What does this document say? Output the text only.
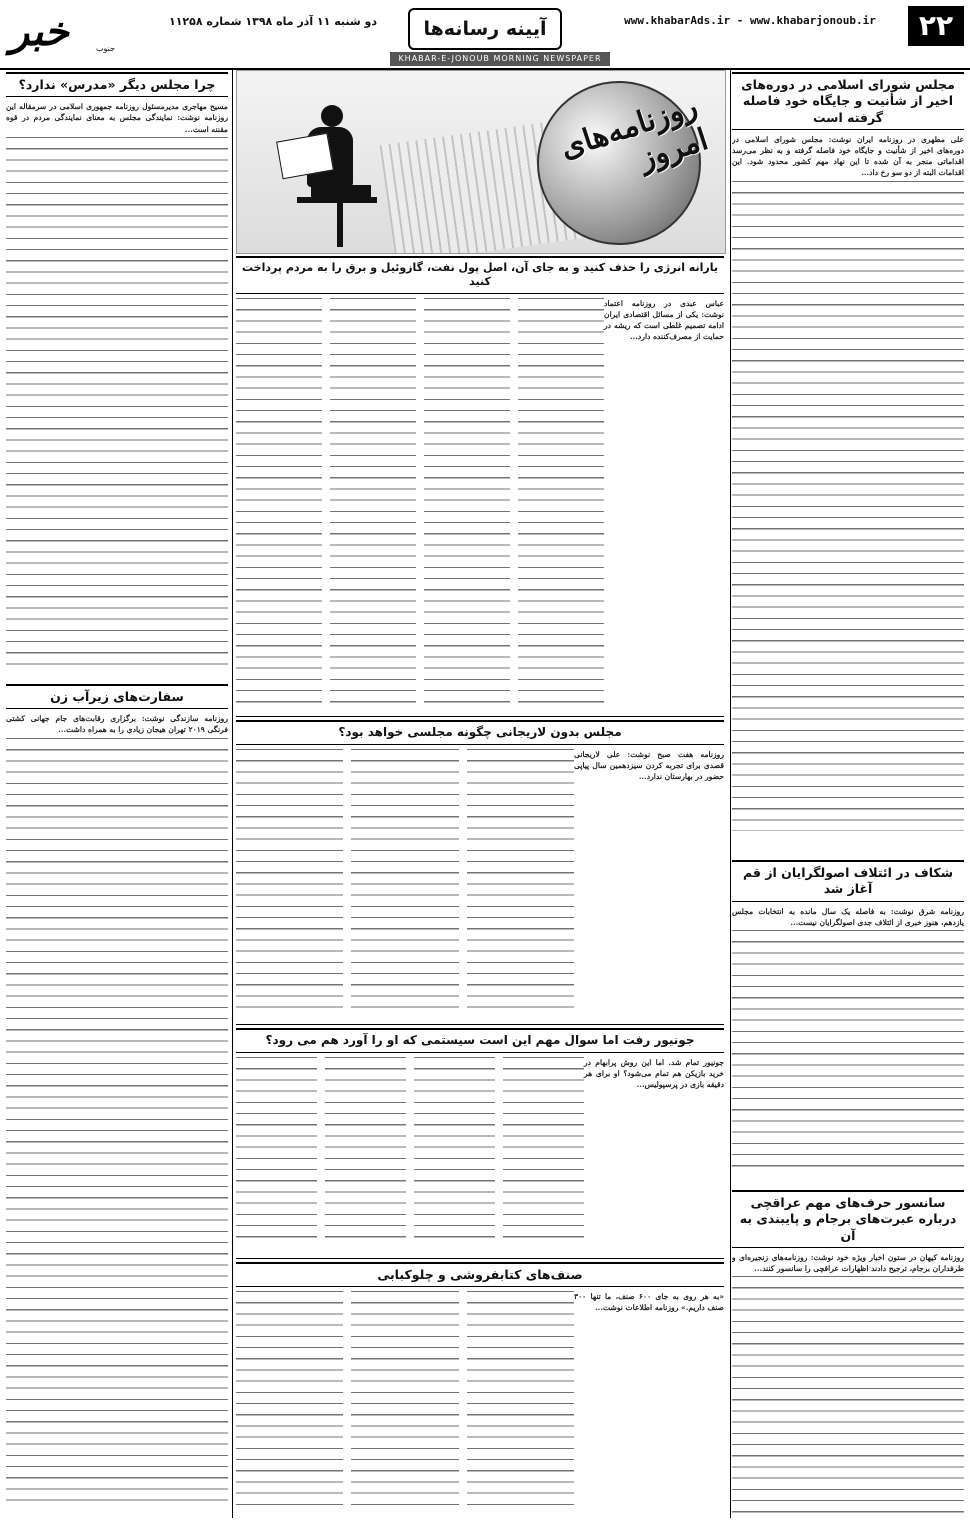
۲۲
www.khabarAds.ir - www.khabarjonoub.ir
آیینه رسانه‌ها
دو شنبه ۱۱ آذر ماه ۱۳۹۸ شماره ۱۱۲۵۸
خبر	جنوب
KHABAR-E-JONOUB MORNING NEWSPAPER
مجلس شورای اسلامی در دوره‌های اخیر از شأنیت و جایگاه خود فاصله گرفته است
علی مطهری در روزنامه ایران نوشت: مجلس شورای اسلامی در دوره‌های اخیر از شأنیت و جایگاه خود فاصله گرفته و به نظر می‌رسد اقداماتی منجر به آن شده تا این نهاد مهم کشور محدود شود. این اقدامات البته از دو سو رخ داد...
شکاف در ائتلاف اصولگرایان از قم آغاز شد
روزنامه شرق نوشت: به فاصله یک سال مانده به انتخابات مجلس یازدهم، هنوز خبری از ائتلاف جدی اصولگرایان نیست...
سانسور حرف‌های مهم عراقچی درباره عبرت‌های برجام و پایبندی به آن
روزنامه کیهان در ستون اخبار ویژه خود نوشت: روزنامه‌های زنجیره‌ای و طرفداران برجام، ترجیح دادند اظهارات عراقچی را سانسور کنند...
روزنامه‌های امروز
یارانه انرژی را حذف کنید و به جای آن، اصل پول نفت، گازوئیل و برق را به مردم پرداخت کنید
عباس عبدی در روزنامه اعتماد نوشت: یکی از مسائل اقتصادی ایران ادامه تصمیم غلطی است که ریشه در حمایت از مصرف‌کننده دارد...
مجلس بدون لاریجانی چگونه مجلسی خواهد بود؟
روزنامه هفت صبح نوشت: علی لاریجانی قصدی برای تجربه کردن سیزدهمین سال پیاپی حضور در بهارستان ندارد...
جونیور رفت اما سوال مهم این است سیستمی که او را آورد هم می رود؟
جونیور تمام شد. اما این روش پرابهام در خرید بازیکن هم تمام می‌شود؟ او برای هر دقیقه بازی در پرسپولیس...
صنف‌های کتابفروشی و چلوکبابی
«به هر روی به جای ۶۰۰ صنف، ما تنها ۳۰۰ صنف داریم.» روزنامه اطلاعات نوشت...
چرا مجلس دیگر «مدرس» ندارد؟
مسیح مهاجری مدیرمسئول روزنامه جمهوری اسلامی در سرمقاله این روزنامه نوشت: نمایندگی مجلس به معنای نمایندگی مردم در قوه مقننه است...
سفارت‌های زیرآب زن
روزنامه سازندگی نوشت: برگزاری رقابت‌های جام جهانی کشتی فرنگی ۲۰۱۹ تهران هیجان زیادی را به همراه داشت...
